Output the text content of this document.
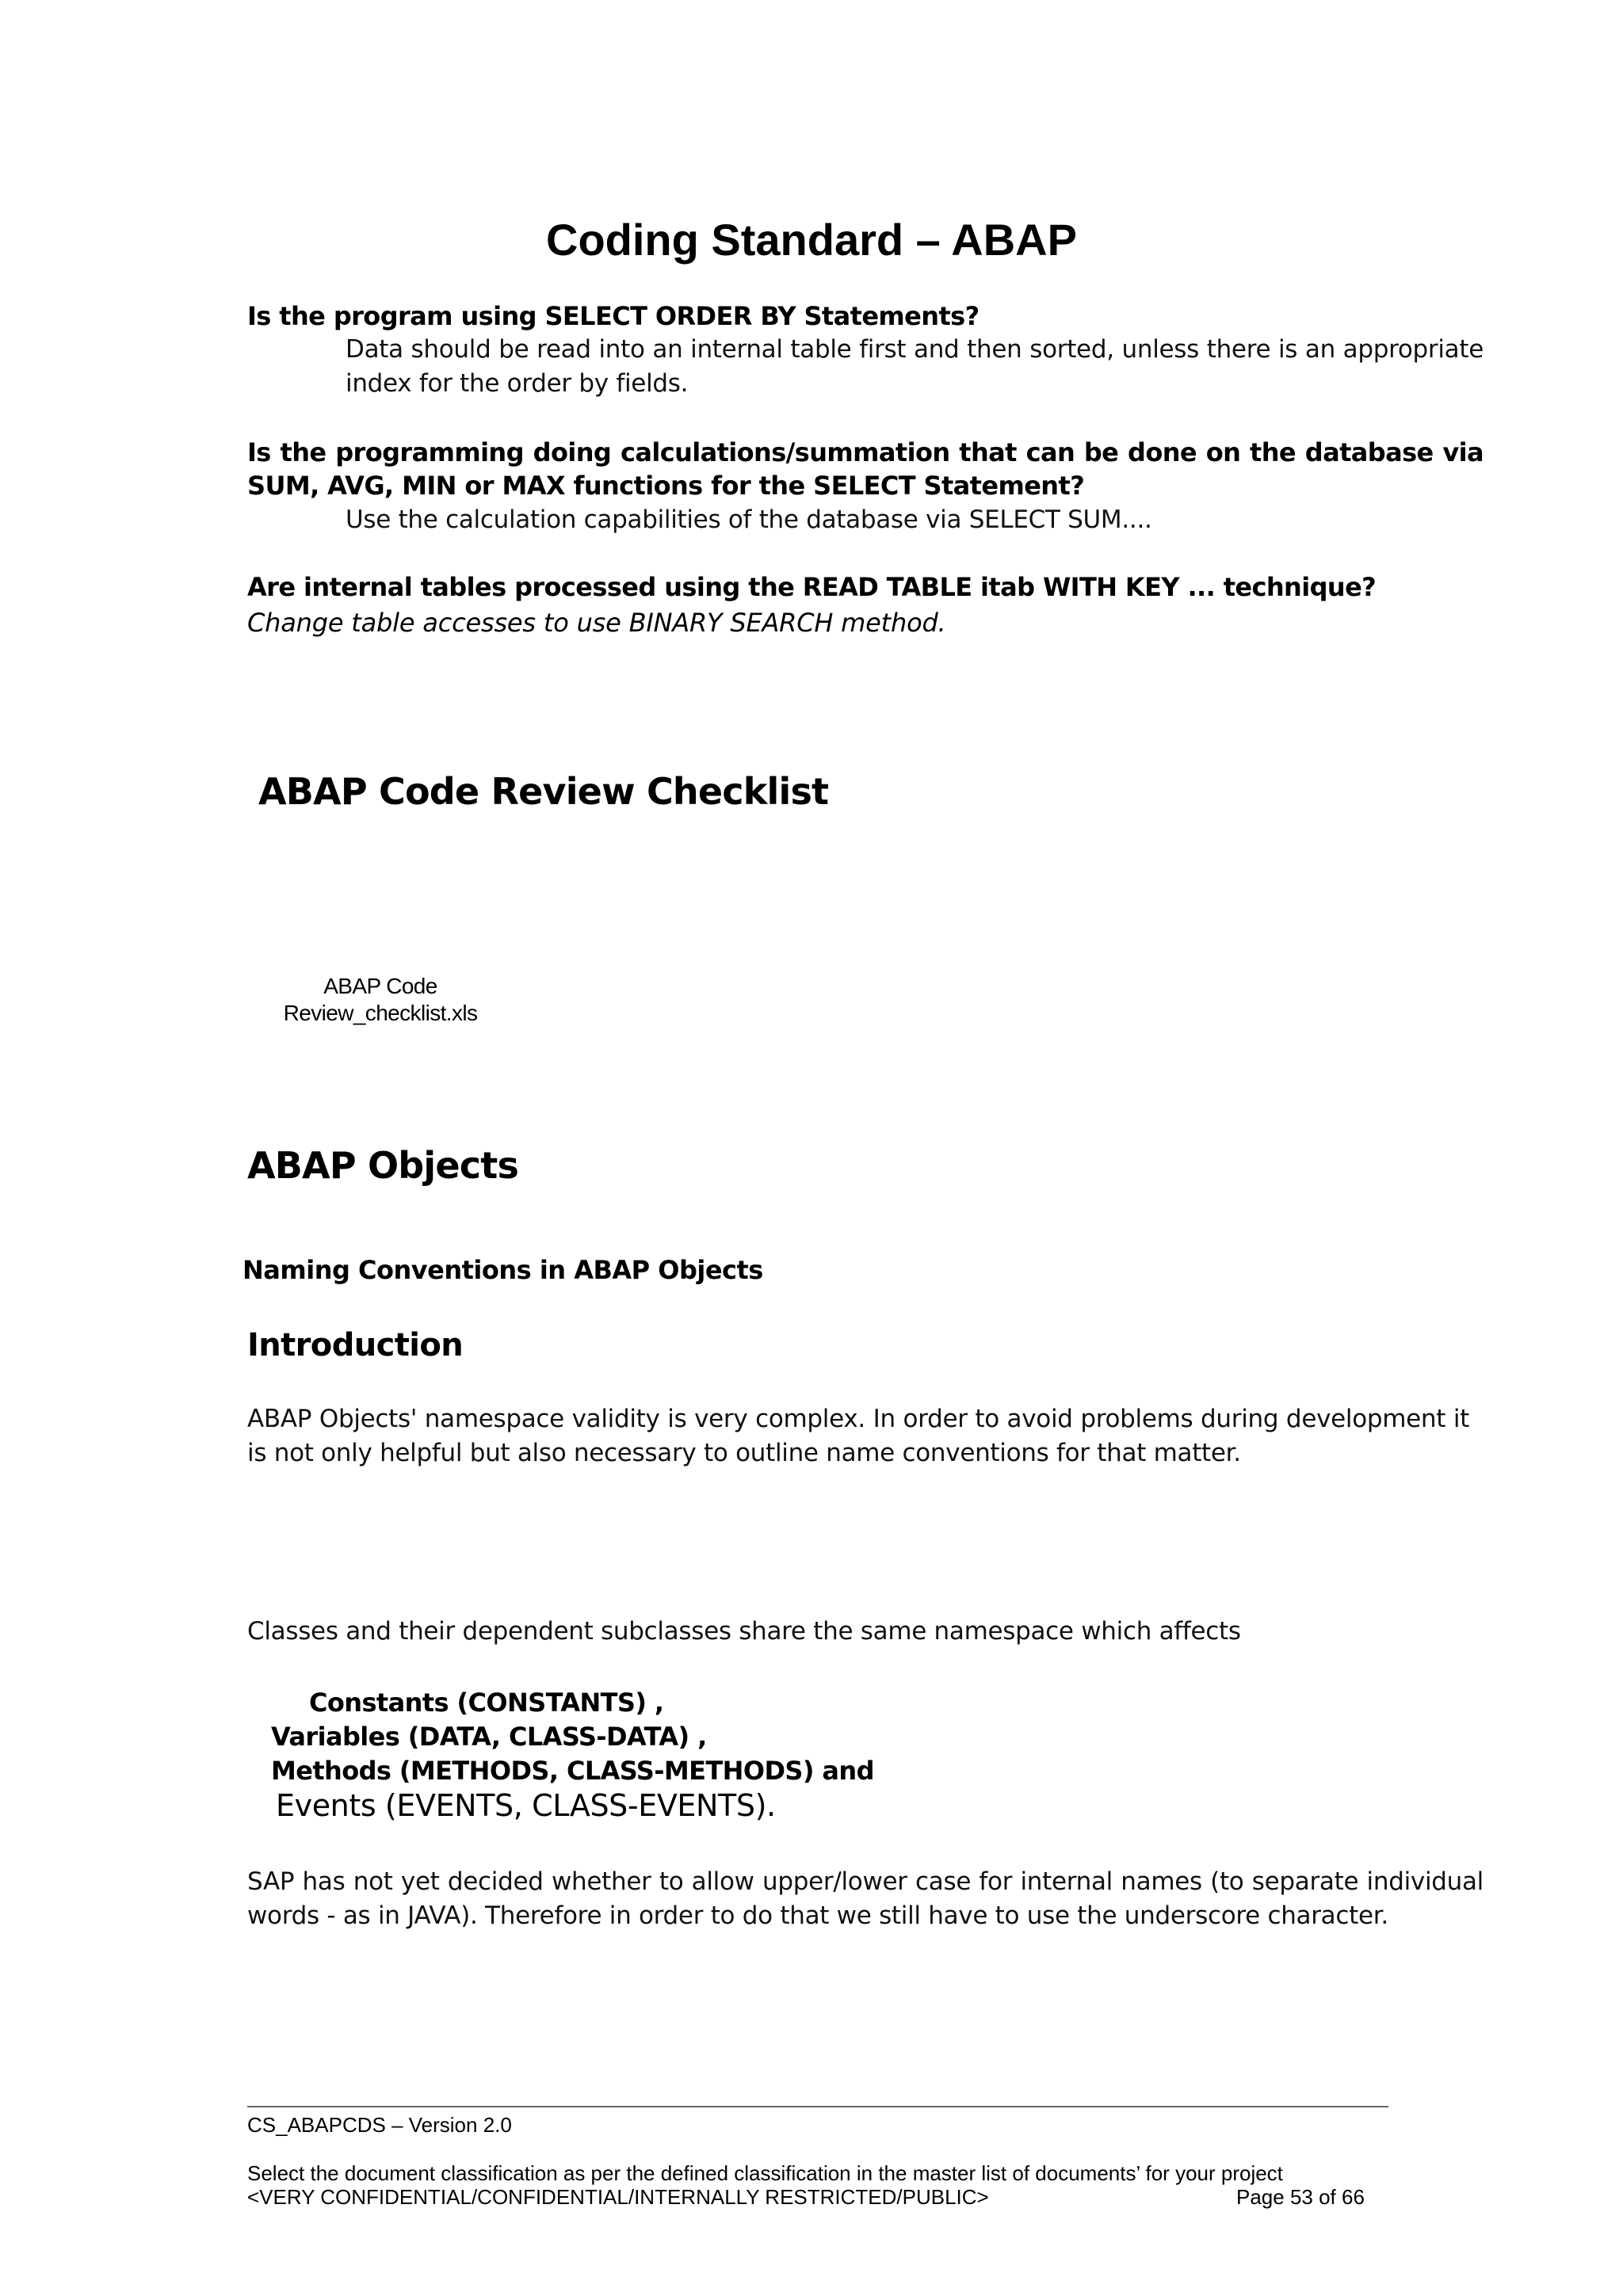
Coding Standard – ABAP
Is the program using SELECT ORDER BY Statements?
Data should be read into an internal table first and then sorted, unless there is an appropriate index for the order by fields.
Is the programming doing calculations/summation that can be done on the database via SUM, AVG, MIN or MAX functions for the SELECT Statement?
Use the calculation capabilities of the database via SELECT SUM....
Are internal tables processed using the READ TABLE itab WITH KEY ... technique?
Change table accesses to use BINARY SEARCH method.
ABAP Code Review Checklist
ABAP Code
Review_checklist.xls
ABAP Objects
Naming Conventions in ABAP Objects
Introduction
ABAP Objects' namespace validity is very complex. In order to avoid problems during development it is not only helpful but also necessary to outline name conventions for that matter.
Classes and their dependent subclasses share the same namespace which affects
Constants (CONSTANTS) ,
Variables (DATA, CLASS-DATA) ,
Methods (METHODS, CLASS-METHODS) and
Events (EVENTS, CLASS-EVENTS).
SAP has not yet decided whether to allow upper/lower case for internal names (to separate individual words - as in JAVA). Therefore in order to do that we still have to use the underscore character.
CS_ABAPCDS – Version 2.0
Select the document classification as per the defined classification in the master list of documents’ for your project
<VERY CONFIDENTIAL/CONFIDENTIAL/INTERNALLY RESTRICTED/PUBLIC>	Page 53 of 66
